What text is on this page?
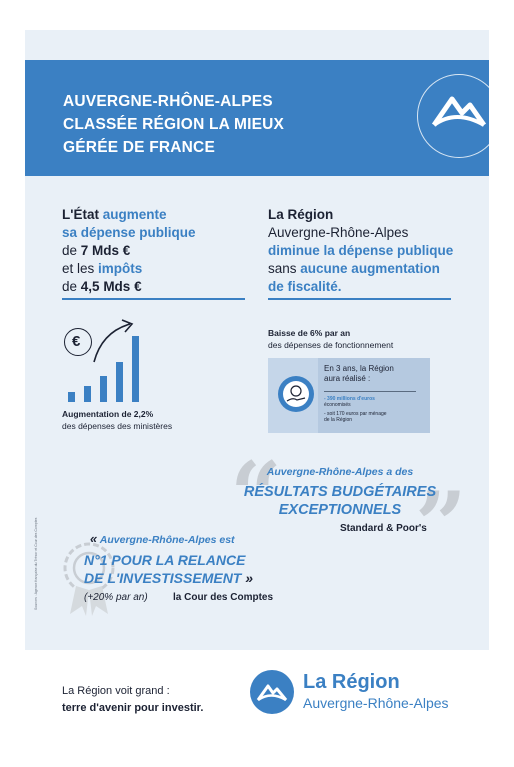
AUVERGNE-RHÔNE-ALPES
CLASSÉE RÉGION LA MIEUX
GÉRÉE DE FRANCE
L'État augmente
sa dépense publique
de 7 Mds €
et les impôts
de 4,5 Mds €
€
Augmentation de 2,2%
des dépenses des ministères
La Région
Auvergne-Rhône-Alpes
diminue la dépense publique
sans aucune augmentation
de fiscalité.
Baisse de 6% par an
des dépenses de fonctionnement
En 3 ans, la Région
aura réalisé :
- 390 millions d'euros
économisés
- soit 170 euros par ménage
de la Région
“ ”
Auvergne-Rhône-Alpes a des
RÉSULTATS BUDGÉTAIRES
EXCEPTIONNELS
Standard & Poor's
« Auvergne-Rhône-Alpes est
N°1 POUR LA RELANCE
DE L'INVESTISSEMENT »
(+20% par an)	la Cour des Comptes
Sources : Agence française du Trésor et Cour des Comptes
La Région voit grand :
terre d'avenir pour investir.
La Région
Auvergne-Rhône-Alpes
